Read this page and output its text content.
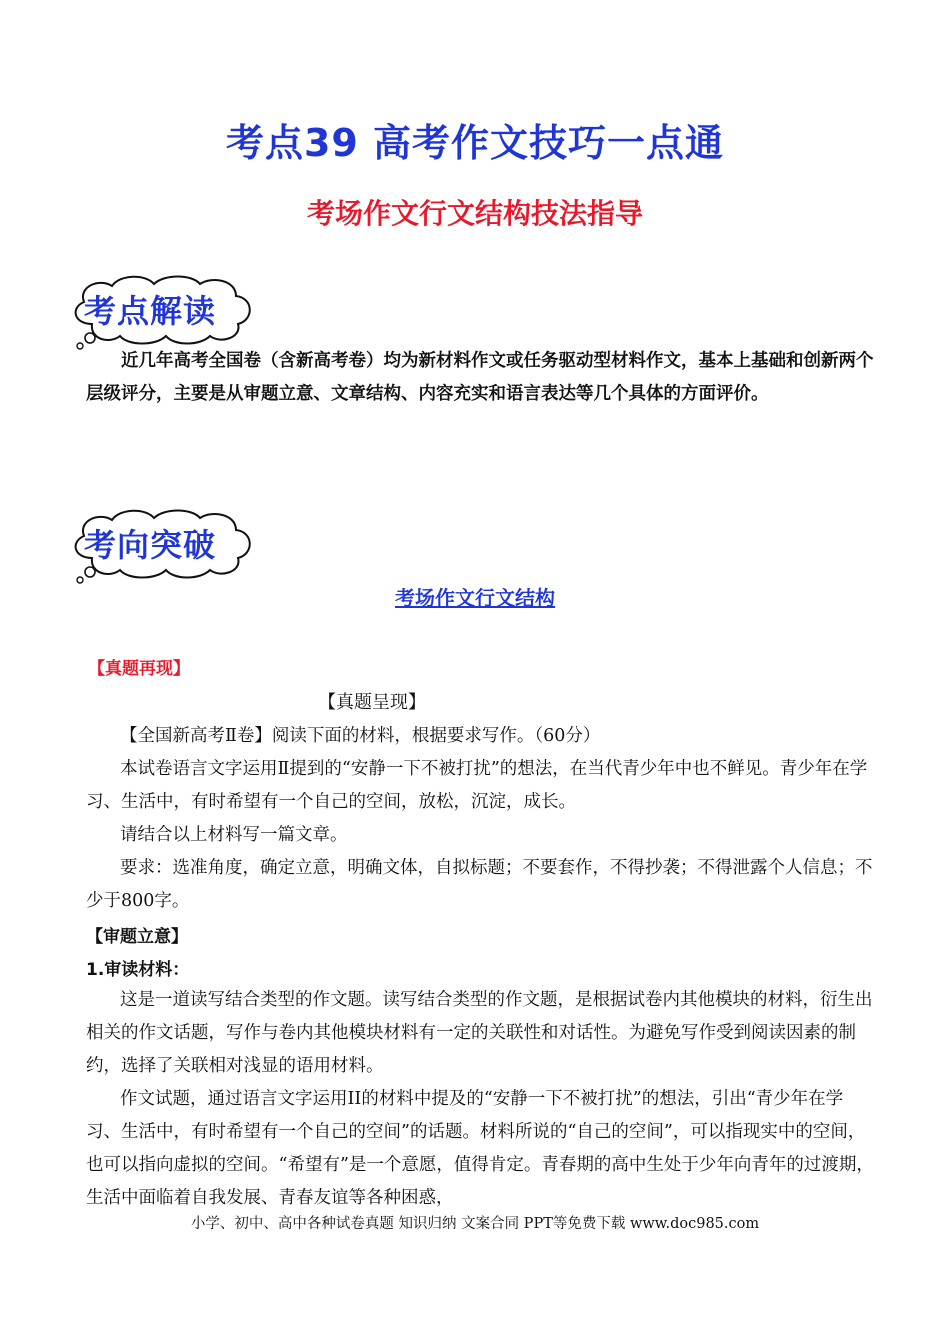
考点39 高考作文技巧一点通
考场作文行文结构技法指导
考点解读

近几年高考全国卷（含新高考卷）均为新材料作文或任务驱动型材料作文，基本上基础和创新两个层级评分，主要是从审题立意、文章结构、内容充实和语言表达等几个具体的方面评价。

考向突破
考场作文行文结构
【真题再现】
【真题呈现】

【全国新高考Ⅱ卷】阅读下面的材料，根据要求写作。（60分）

本试卷语言文字运用Ⅱ提到的“安静一下不被打扰”的想法，在当代青少年中也不鲜见。青少年在学习、生活中，有时希望有一个自己的空间，放松，沉淀，成长。

请结合以上材料写一篇文章。

要求：选准角度，确定立意，明确文体，自拟标题；不要套作，不得抄袭；不得泄露个人信息；不少于800字。

【审题立意】
1.审读材料：

这是一道读写结合类型的作文题。读写结合类型的作文题，是根据试卷内其他模块的材料，衍生出相关的作文话题，写作与卷内其他模块材料有一定的关联性和对话性。为避免写作受到阅读因素的制约，选择了关联相对浅显的语用材料。

作文试题，通过语言文字运用II的材料中提及的“安静一下不被打扰”的想法，引出“青少年在学习、生活中，有时希望有一个自己的空间”的话题。材料所说的“自己的空间”，可以指现实中的空间，也可以指向虚拟的空间。“希望有”是一个意愿，值得肯定。青春期的高中生处于少年向青年的过渡期，生活中面临着自我发展、青春友谊等各种困惑，

小学、初中、高中各种试卷真题 知识归纳 文案合同 PPT等免费下载 www.doc985.com
